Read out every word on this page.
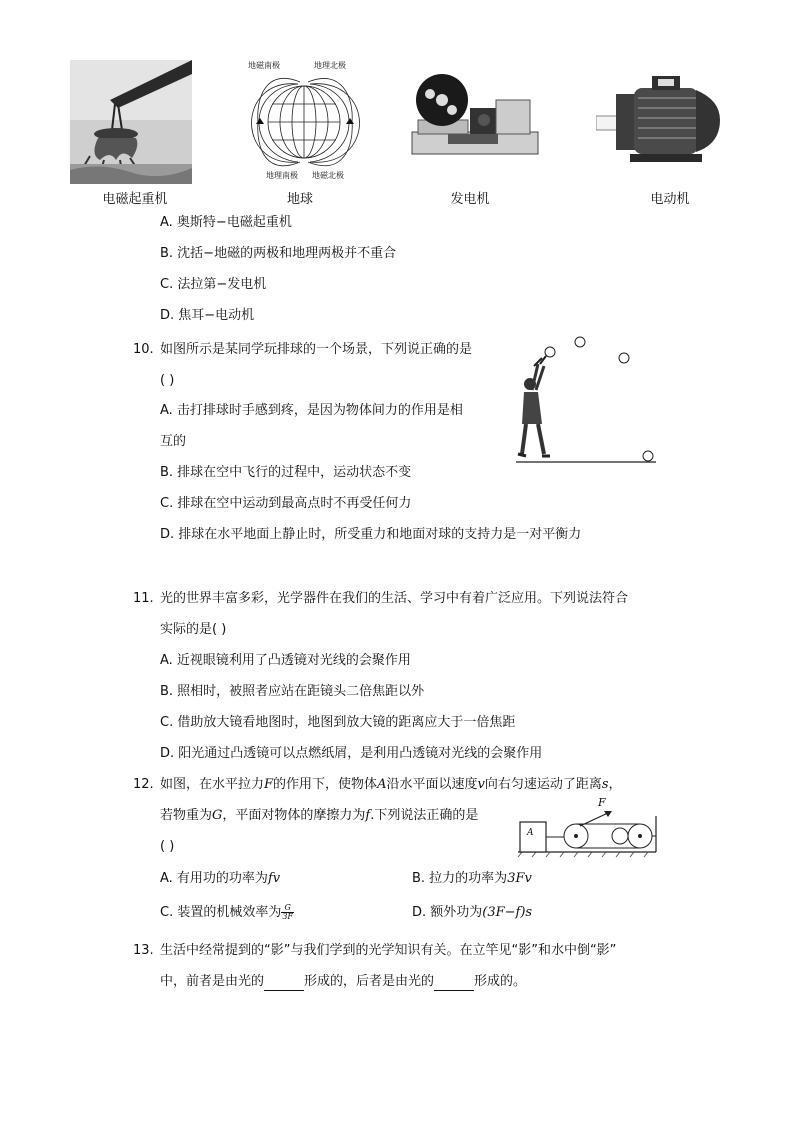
电磁起重机
地磁南极	地理北极
地理南极 地磁北极
地球	发电机	电动机
A. 奥斯特−电磁起重机
B. 沈括−地磁的两极和地理两极并不重合
C. 法拉第−发电机
D. 焦耳−电动机
10. 如图所示是某同学玩排球的一个场景，下列说正确的是
( )
A. 击打排球时手感到疼，是因为物体间力的作用是相
互的
B. 排球在空中飞行的过程中，运动状态不变
C. 排球在空中运动到最高点时不再受任何力
D. 排球在水平地面上静止时，所受重力和地面对球的支持力是一对平衡力
11. 光的世界丰富多彩，光学器件在我们的生活、学习中有着广泛应用。下列说法符合
实际的是( )
A. 近视眼镜利用了凸透镜对光线的会聚作用
B. 照相时，被照者应站在距镜头二倍焦距以外
C. 借助放大镜看地图时，地图到放大镜的距离应大于一倍焦距
D. 阳光通过凸透镜可以点燃纸屑，是利用凸透镜对光线的会聚作用
12. 如图，在水平拉力F的作用下，使物体A沿水平面以速度v向右匀速运动了距离s，
若物重为G，平面对物体的摩擦力为f.下列说法正确的是
( )
A
F
A. 有用功的功率为fv	B. 拉力的功率为3Fv
C. 装置的机械效率为 $\frac{G}{3F}$	D. 额外功为(3F−f)s
13. 生活中经常提到的“影”与我们学到的光学知识有关。在立竿见“影”和水中倒“影”
中，前者是由光的	形成的，后者是由光的	形成的。
